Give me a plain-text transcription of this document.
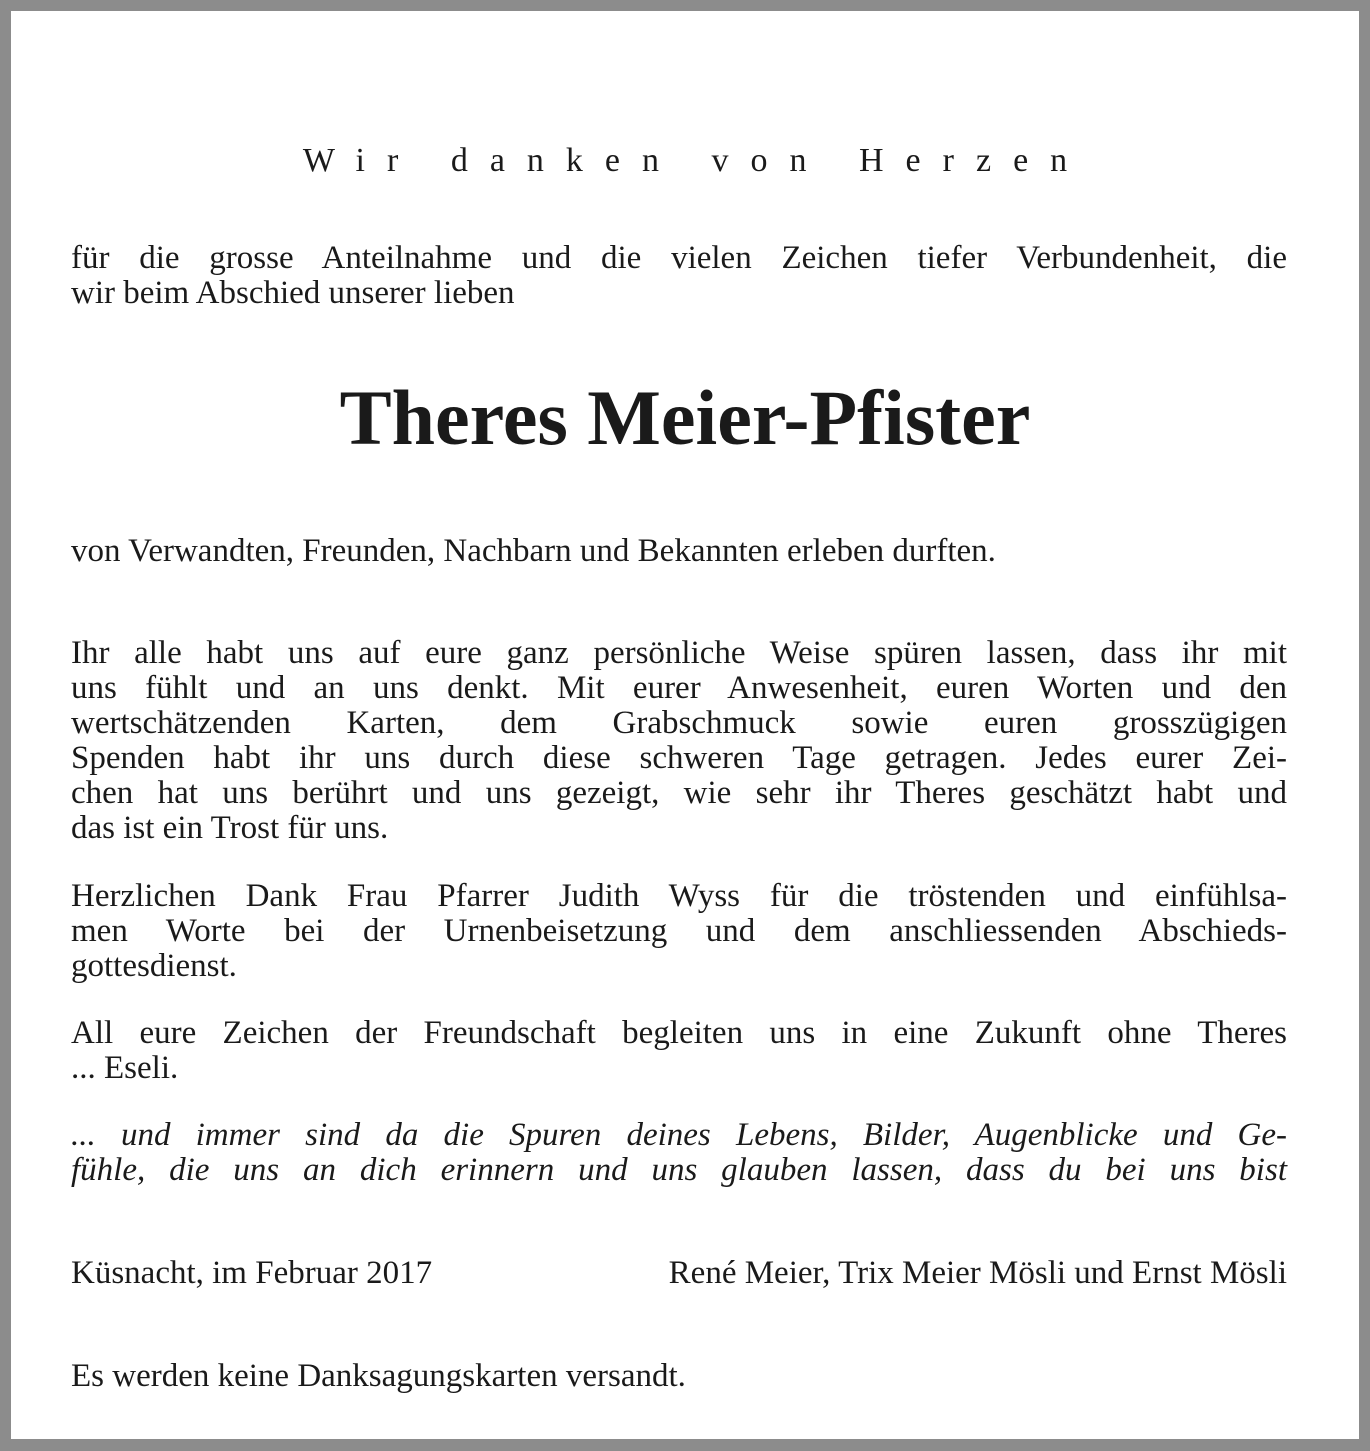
Wir danken von Herzen

für die grosse Anteilnahme und die vielen Zeichen tiefer Verbundenheit, die

wir beim Abschied unserer lieben

Theres Meier-Pfister

von Verwandten, Freunden, Nachbarn und Bekannten erleben durften.

Ihr alle habt uns auf eure ganz persönliche Weise spüren lassen, dass ihr mit

uns fühlt und an uns denkt. Mit eurer Anwesenheit, euren Worten und den

wertschätzenden Karten, dem Grabschmuck sowie euren grosszügigen

Spenden habt ihr uns durch diese schweren Tage getragen. Jedes eurer Zei-

chen hat uns berührt und uns gezeigt, wie sehr ihr Theres geschätzt habt und

das ist ein Trost für uns.

Herzlichen Dank Frau Pfarrer Judith Wyss für die tröstenden und einfühlsa-

men Worte bei der Urnenbeisetzung und dem anschliessenden Abschieds-

gottesdienst.

All eure Zeichen der Freundschaft begleiten uns in eine Zukunft ohne Theres

... Eseli.

... und immer sind da die Spuren deines Lebens, Bilder, Augenblicke und Ge-

fühle, die uns an dich erinnern und uns glauben lassen, dass du bei uns bist

Küsnacht, im Februar 2017	René Meier, Trix Meier Mösli und Ernst Mösli

Es werden keine Danksagungskarten versandt.
